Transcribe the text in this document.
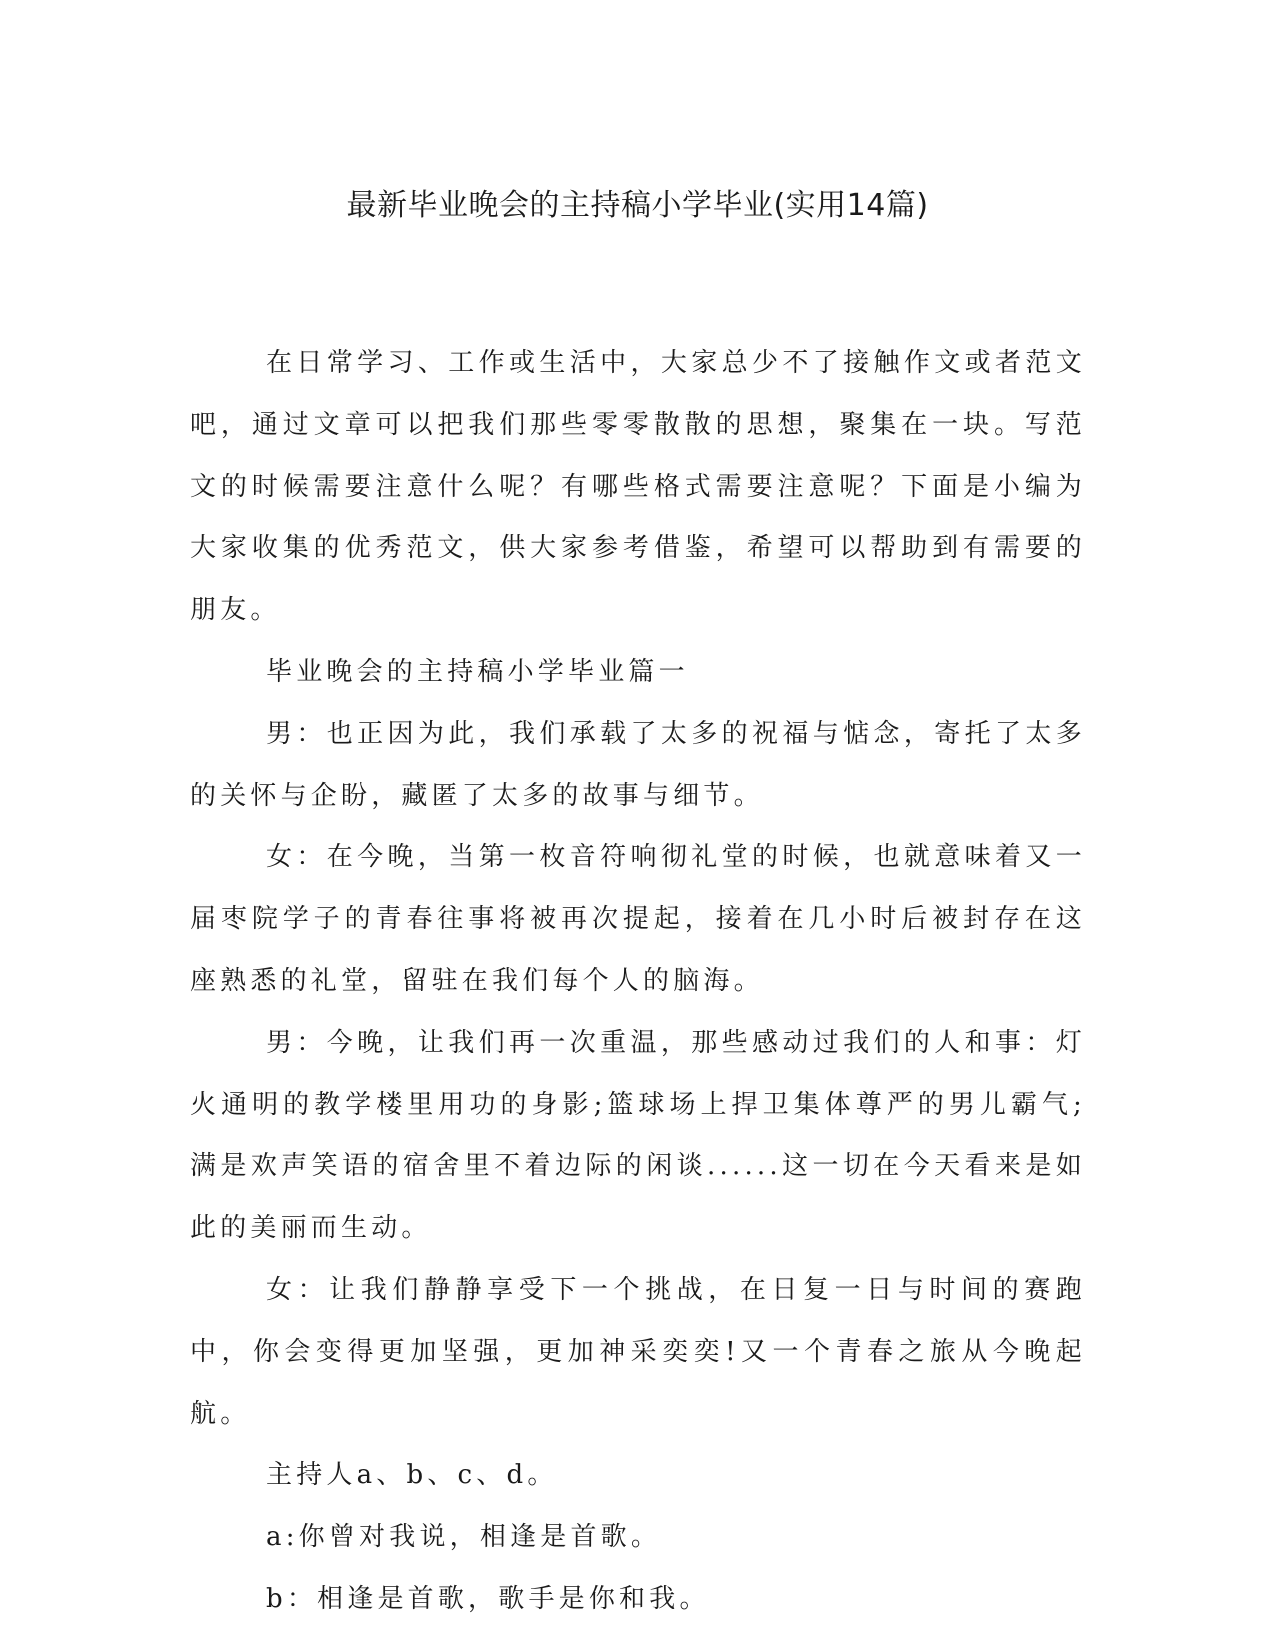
最新毕业晚会的主持稿小学毕业(实用14篇)

在日常学习、工作或生活中，大家总少不了接触作文或者范文吧，通过文章可以把我们那些零零散散的思想，聚集在一块。写范文的时候需要注意什么呢？有哪些格式需要注意呢？下面是小编为大家收集的优秀范文，供大家参考借鉴，希望可以帮助到有需要的朋友。

毕业晚会的主持稿小学毕业篇一

男：也正因为此，我们承载了太多的祝福与惦念，寄托了太多的关怀与企盼，藏匿了太多的故事与细节。

女：在今晚，当第一枚音符响彻礼堂的时候，也就意味着又一届枣院学子的青春往事将被再次提起，接着在几小时后被封存在这座熟悉的礼堂，留驻在我们每个人的脑海。

男：今晚，让我们再一次重温，那些感动过我们的人和事：灯火通明的教学楼里用功的身影;篮球场上捍卫集体尊严的男儿霸气;满是欢声笑语的宿舍里不着边际的闲谈......这一切在今天看来是如此的美丽而生动。

女：让我们静静享受下一个挑战，在日复一日与时间的赛跑中，你会变得更加坚强，更加神采奕奕!又一个青春之旅从今晚起航。

主持人a、b、c、d。

a:你曾对我说，相逢是首歌。

b：相逢是首歌，歌手是你和我。
